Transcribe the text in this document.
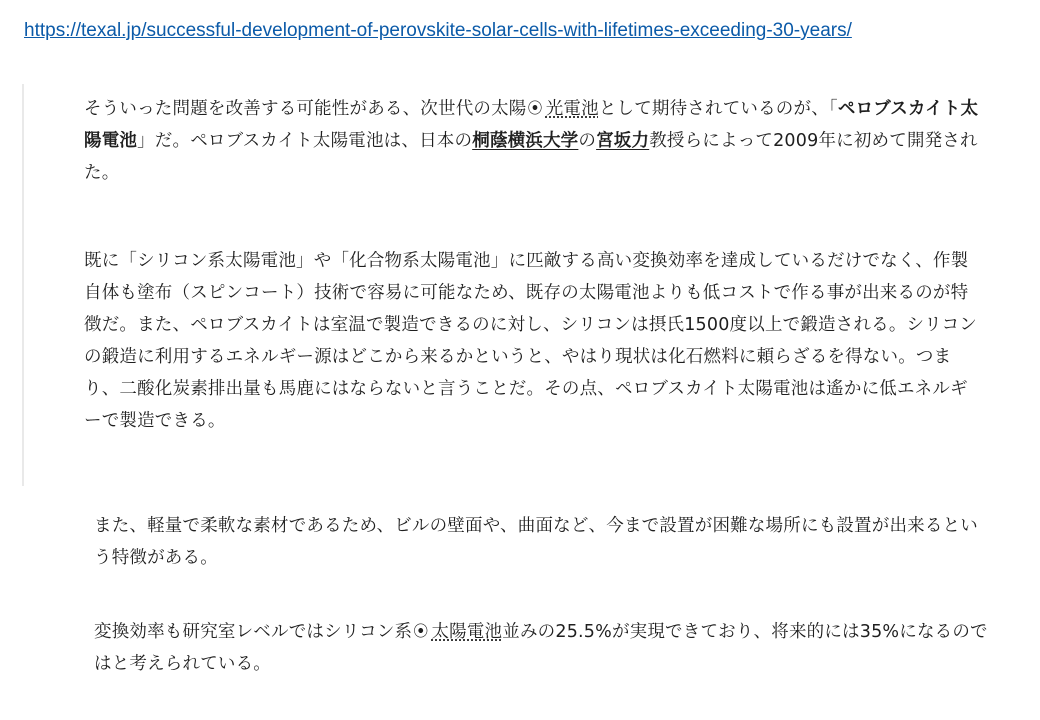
https://texal.jp/successful-development-of-perovskite-solar-cells-with-lifetimes-exceeding-30-years/
そういった問題を改善する可能性がある、次世代の太陽⦿ 光電池として期待されているのが、「ペロブスカイト太陽電池」だ。ペロブスカイト太陽電池は、日本の桐蔭横浜大学の宮坂力教授らによって2009年に初めて開発された。
既に「シリコン系太陽電池」や「化合物系太陽電池」に匹敵する高い変換効率を達成しているだけでなく、作製自体も塗布（スピンコート）技術で容易に可能なため、既存の太陽電池よりも低コストで作る事が出来るのが特徴だ。また、ペロブスカイトは室温で製造できるのに対し、シリコンは摂氏1500度以上で鍛造される。シリコンの鍛造に利用するエネルギー源はどこから来るかというと、やはり現状は化石燃料に頼らざるを得ない。つまり、二酸化炭素排出量も馬鹿にはならないと言うことだ。その点、ペロブスカイト太陽電池は遙かに低エネルギーで製造できる。
また、軽量で柔軟な素材であるため、ビルの壁面や、曲面など、今まで設置が困難な場所にも設置が出来るという特徴がある。
変換効率も研究室レベルではシリコン系⦿ 太陽電池並みの25.5%が実現できており、将来的には35%になるのではと考えられている。
